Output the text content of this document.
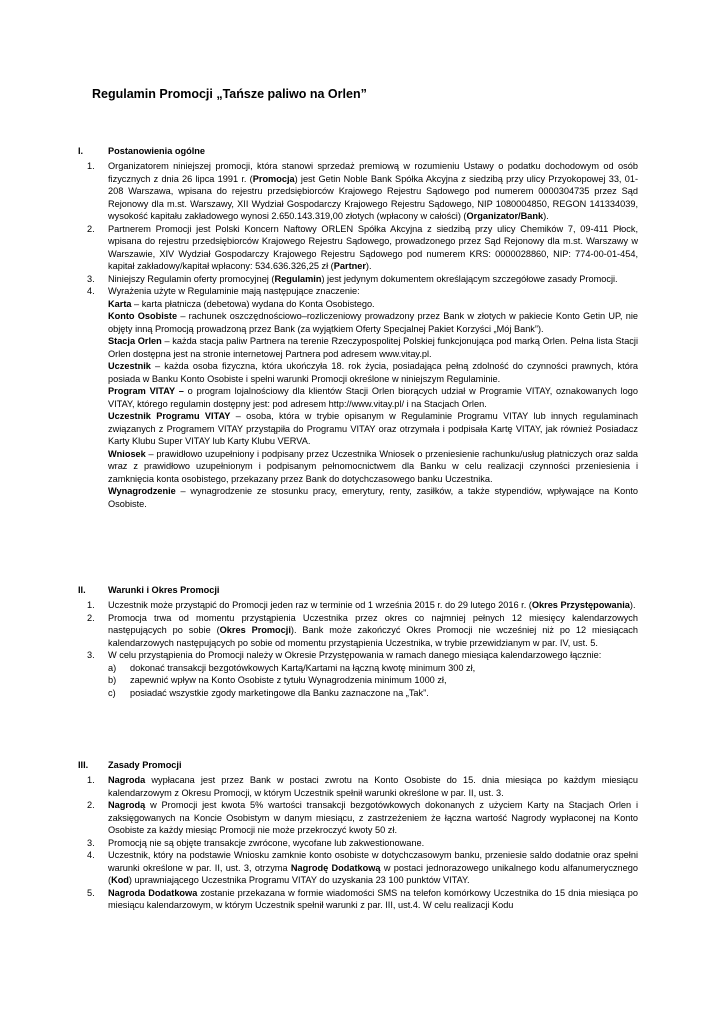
Regulamin Promocji „Tańsze paliwo na Orlen”
I.	Postanowienia ogólne
1. Organizatorem niniejszej promocji, która stanowi sprzedaż premiową w rozumieniu Ustawy o podatku dochodowym od osób fizycznych z dnia 26 lipca 1991 r. (Promocja) jest Getin Noble Bank Spółka Akcyjna z siedzibą przy ulicy Przyokopowej 33, 01-208 Warszawa, wpisana do rejestru przedsiębiorców Krajowego Rejestru Sądowego pod numerem 0000304735 przez Sąd Rejonowy dla m.st. Warszawy, XII Wydział Gospodarczy Krajowego Rejestru Sądowego, NIP 1080004850, REGON 141334039, wysokość kapitału zakładowego wynosi 2.650.143.319,00 złotych (wpłacony w całości) (Organizator/Bank).
2. Partnerem Promocji jest Polski Koncern Naftowy ORLEN Spółka Akcyjna z siedzibą przy ulicy Chemików 7, 09-411 Płock, wpisana do rejestru przedsiębiorców Krajowego Rejestru Sądowego, prowadzonego przez Sąd Rejonowy dla m.st. Warszawy w Warszawie, XIV Wydział Gospodarczy Krajowego Rejestru Sądowego pod numerem KRS: 0000028860, NIP: 774-00-01-454, kapitał zakładowy/kapitał wpłacony: 534.636.326,25 zł (Partner).
3. Niniejszy Regulamin oferty promocyjnej (Regulamin) jest jedynym dokumentem określającym szczegółowe zasady Promocji.
4. Wyrażenia użyte w Regulaminie mają następujące znaczenie:
Karta – karta płatnicza (debetowa) wydana do Konta Osobistego.
Konto Osobiste – rachunek oszczędnościowo–rozliczeniowy prowadzony przez Bank w złotych w pakiecie Konto Getin UP, nie objęty inną Promocją prowadzoną przez Bank (za wyjątkiem Oferty Specjalnej Pakiet Korzyści „Mój Bank”).
Stacja Orlen – każda stacja paliw Partnera na terenie Rzeczypospolitej Polskiej funkcjonująca pod marką Orlen. Pełna lista Stacji Orlen dostępna jest na stronie internetowej Partnera pod adresem www.vitay.pl.
Uczestnik – każda osoba fizyczna, która ukończyła 18. rok życia, posiadająca pełną zdolność do czynności prawnych, która posiada w Banku Konto Osobiste i spełni warunki Promocji określone w niniejszym Regulaminie.
Program VITAY – o program lojalnościowy dla klientów Stacji Orlen biorących udział w Programie VITAY, oznakowanych logo VITAY, którego regulamin dostępny jest: pod adresem http://www.vitay.pl/ i na Stacjach Orlen.
Uczestnik Programu VITAY – osoba, która w trybie opisanym w Regulaminie Programu VITAY lub innych regulaminach związanych z Programem VITAY przystąpiła do Programu VITAY oraz otrzymała i podpisała Kartę VITAY, jak również Posiadacz Karty Klubu Super VITAY lub Karty Klubu VERVA.
Wniosek – prawidłowo uzupełniony i podpisany przez Uczestnika Wniosek o przeniesienie rachunku/usług płatniczych oraz salda wraz z prawidłowo uzupełnionym i podpisanym pełnomocnictwem dla Banku w celu realizacji czynności przeniesienia i zamknięcia konta osobistego, przekazany przez Bank do dotychczasowego banku Uczestnika.
Wynagrodzenie – wynagrodzenie ze stosunku pracy, emerytury, renty, zasiłków, a także stypendiów, wpływające na Konto Osobiste.
II. Warunki i Okres Promocji
1. Uczestnik może przystąpić do Promocji jeden raz w terminie od 1 września 2015 r. do 29 lutego 2016 r. (Okres Przystępowania).
2. Promocja trwa od momentu przystąpienia Uczestnika przez okres co najmniej pełnych 12 miesięcy kalendarzowych następujących po sobie (Okres Promocji). Bank może zakończyć Okres Promocji nie wcześniej niż po 12 miesiącach kalendarzowych następujących po sobie od momentu przystąpienia Uczestnika, w trybie przewidzianym w par. IV, ust. 5.
3. W celu przystąpienia do Promocji należy w Okresie Przystępowania w ramach danego miesiąca kalendarzowego łącznie:
a) dokonać transakcji bezgotówkowych Kartą/Kartami na łączną kwotę minimum 300 zł,
b) zapewnić wpływ na Konto Osobiste z tytułu Wynagrodzenia minimum 1000 zł,
c) posiadać wszystkie zgody marketingowe dla Banku zaznaczone na „Tak”.
III. Zasady Promocji
1. Nagroda wypłacana jest przez Bank w postaci zwrotu na Konto Osobiste do 15. dnia miesiąca po każdym miesiącu kalendarzowym z Okresu Promocji, w którym Uczestnik spełnił warunki określone w par. II, ust. 3.
2. Nagrodą w Promocji jest kwota 5% wartości transakcji bezgotówkowych dokonanych z użyciem Karty na Stacjach Orlen i zaksięgowanych na Koncie Osobistym w danym miesiącu, z zastrzeżeniem że łączna wartość Nagrody wypłaconej na Konto Osobiste za każdy miesiąc Promocji nie może przekroczyć kwoty 50 zł.
3. Promocją nie są objęte transakcje zwrócone, wycofane lub zakwestionowane.
4. Uczestnik, który na podstawie Wniosku zamknie konto osobiste w dotychczasowym banku, przeniesie saldo dodatnie oraz spełni warunki określone w par. II, ust. 3, otrzyma Nagrodę Dodatkową w postaci jednorazowego unikalnego kodu alfanumerycznego (Kod) uprawniającego Uczestnika Programu VITAY do uzyskania 23 100 punktów VITAY.
5. Nagroda Dodatkowa zostanie przekazana w formie wiadomości SMS na telefon komórkowy Uczestnika do 15 dnia miesiąca po miesiącu kalendarzowym, w którym Uczestnik spełnił warunki z par. III, ust.4. W celu realizacji Kodu
